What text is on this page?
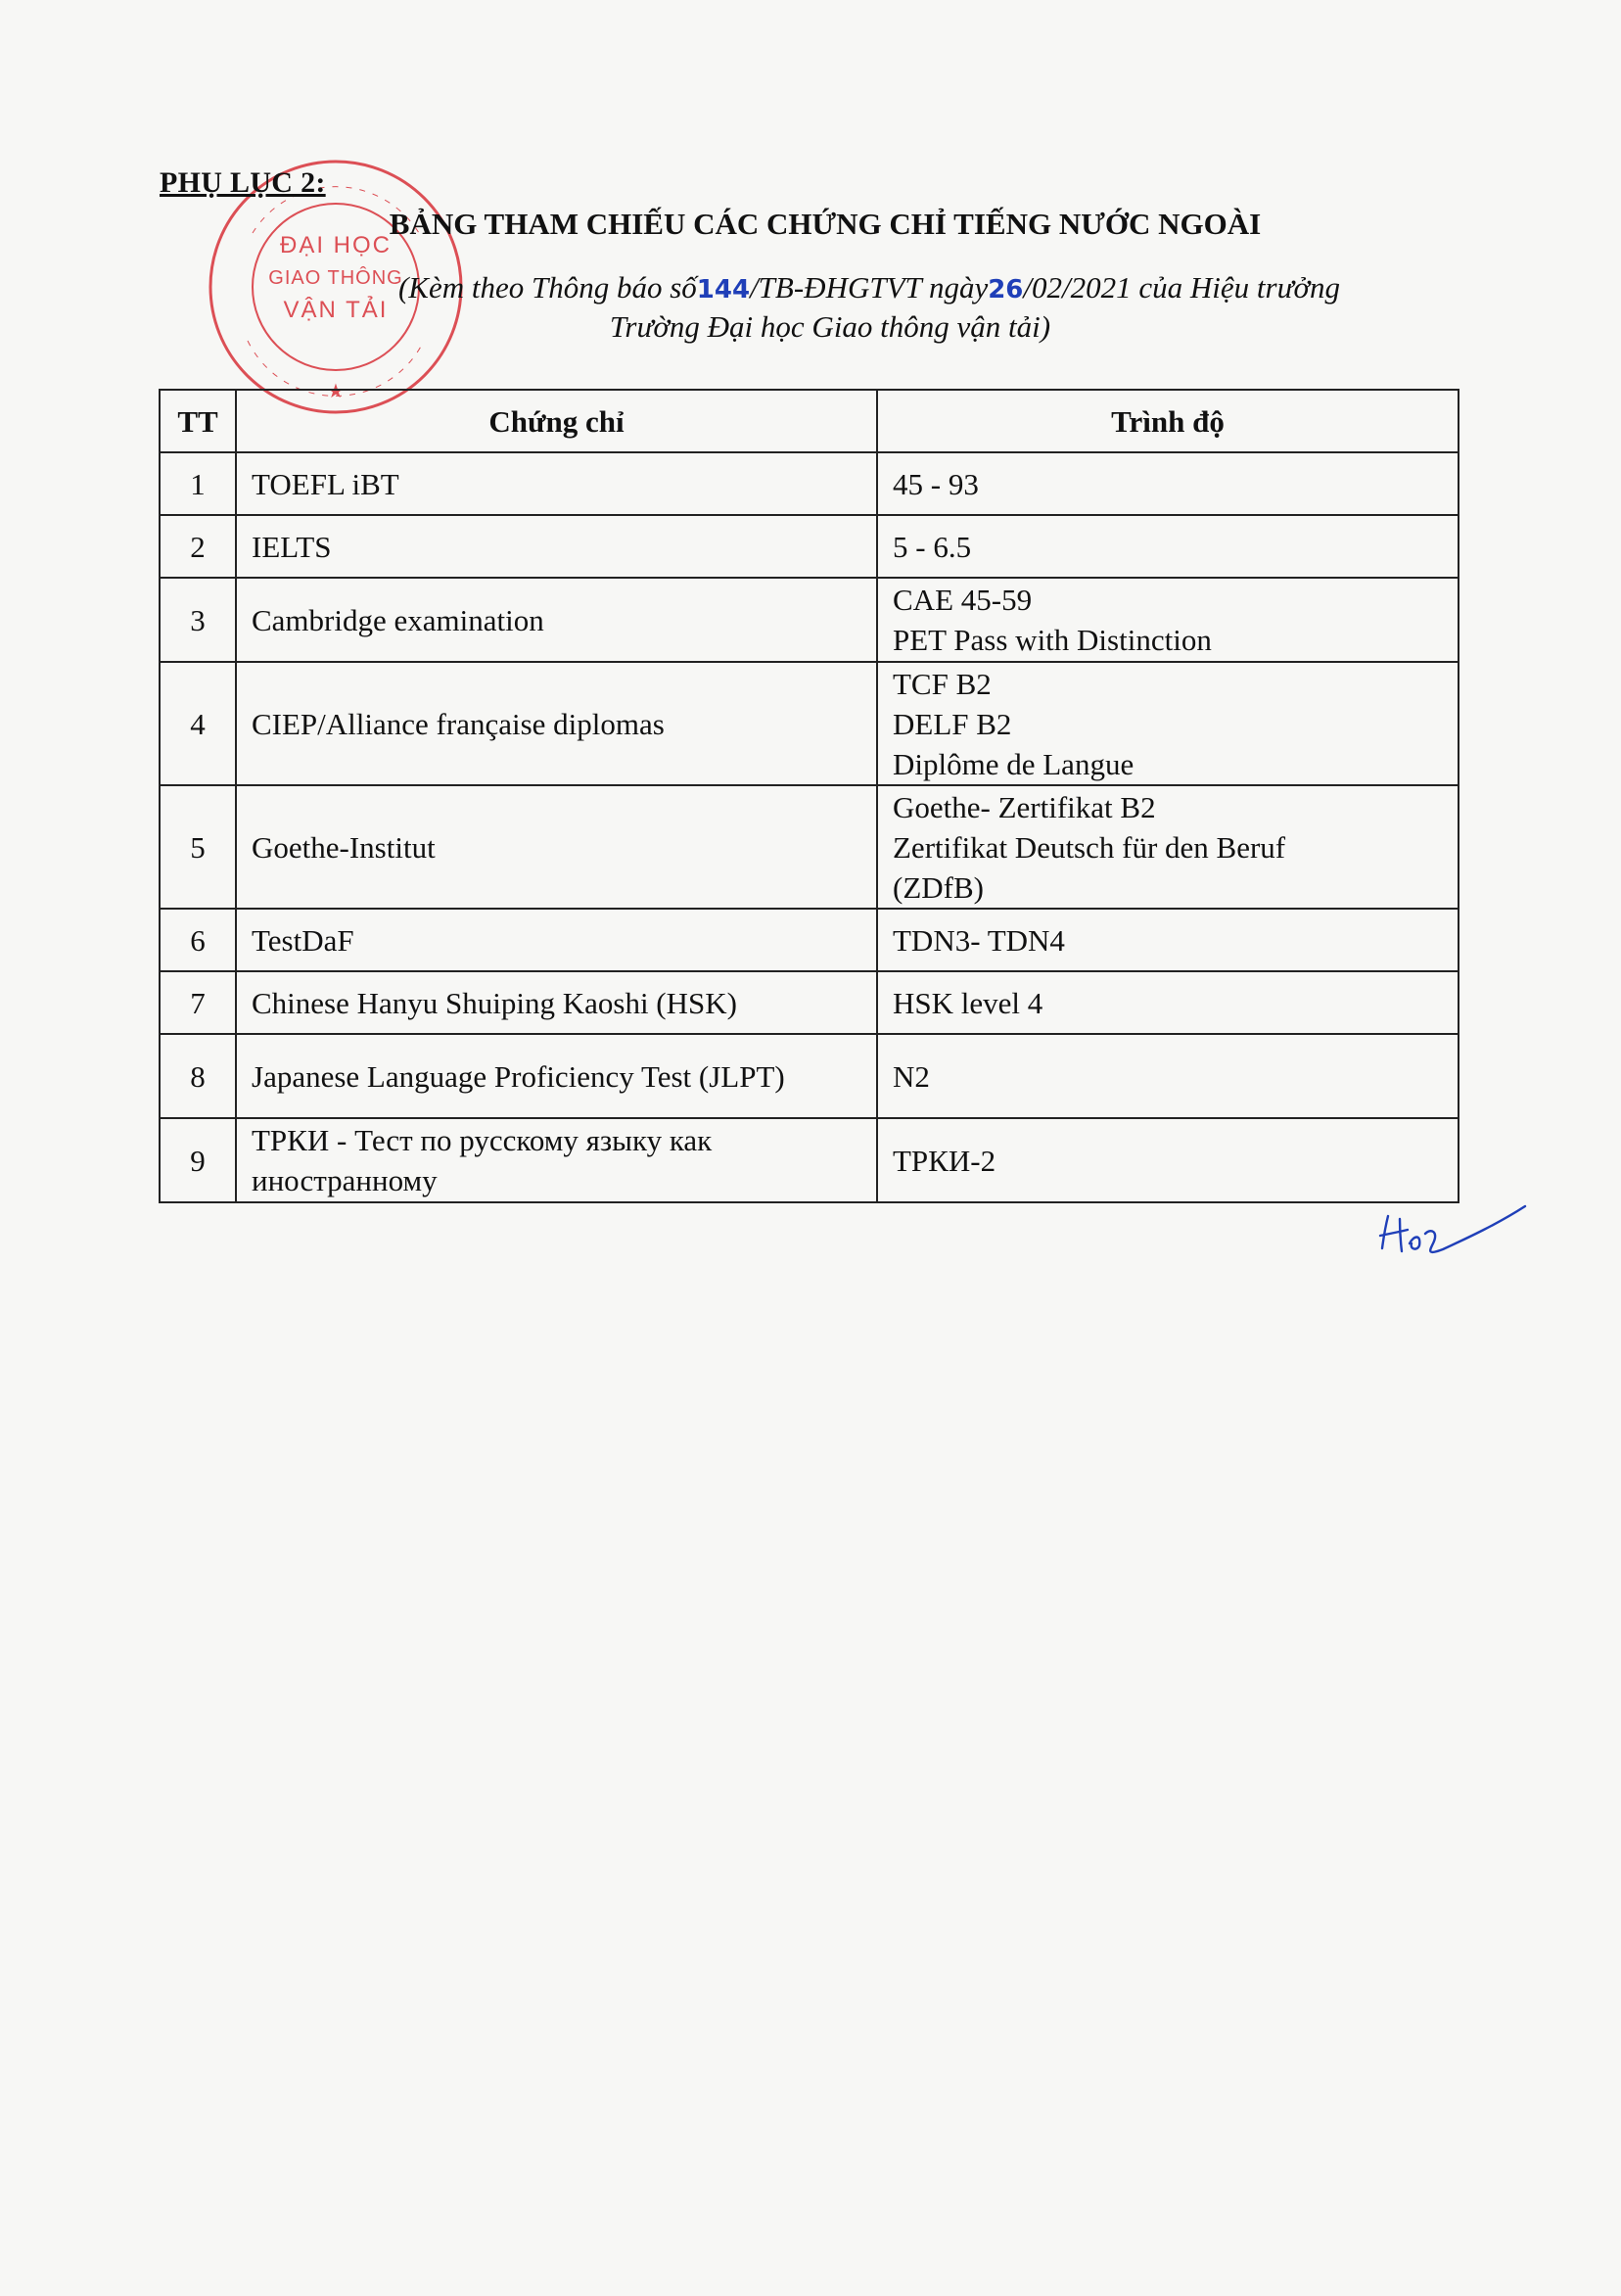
ĐẠI HỌC
GIAO THÔNG
VẬN TẢI
★
PHỤ LỤC 2:
BẢNG THAM CHIẾU CÁC CHỨNG CHỈ TIẾNG NƯỚC NGOÀI
(Kèm theo Thông báo số144/TB-ĐHGTVT ngày26/02/2021 của Hiệu trưởng
Trường Đại học Giao thông vận tải)
TT	Chứng chỉ	Trình độ
1	TOEFL iBT	45 - 93

2	IELTS	5 - 6.5

3	Cambridge examination	CAE 45-59
PET Pass with Distinction

4	CIEP/Alliance française diplomas	TCF B2
DELF B2
Diplôme de Langue

5	Goethe-Institut	Goethe- Zertifikat B2
Zertifikat Deutsch für den Beruf
(ZDfB)

6	TestDaF	TDN3- TDN4

7	Chinese Hanyu Shuiping Kaoshi (HSK)	HSK level 4

8	Japanese Language Proficiency Test (JLPT)	N2

9	ТРКИ - Тест по русскому языку как иностранному	ТРКИ-2
